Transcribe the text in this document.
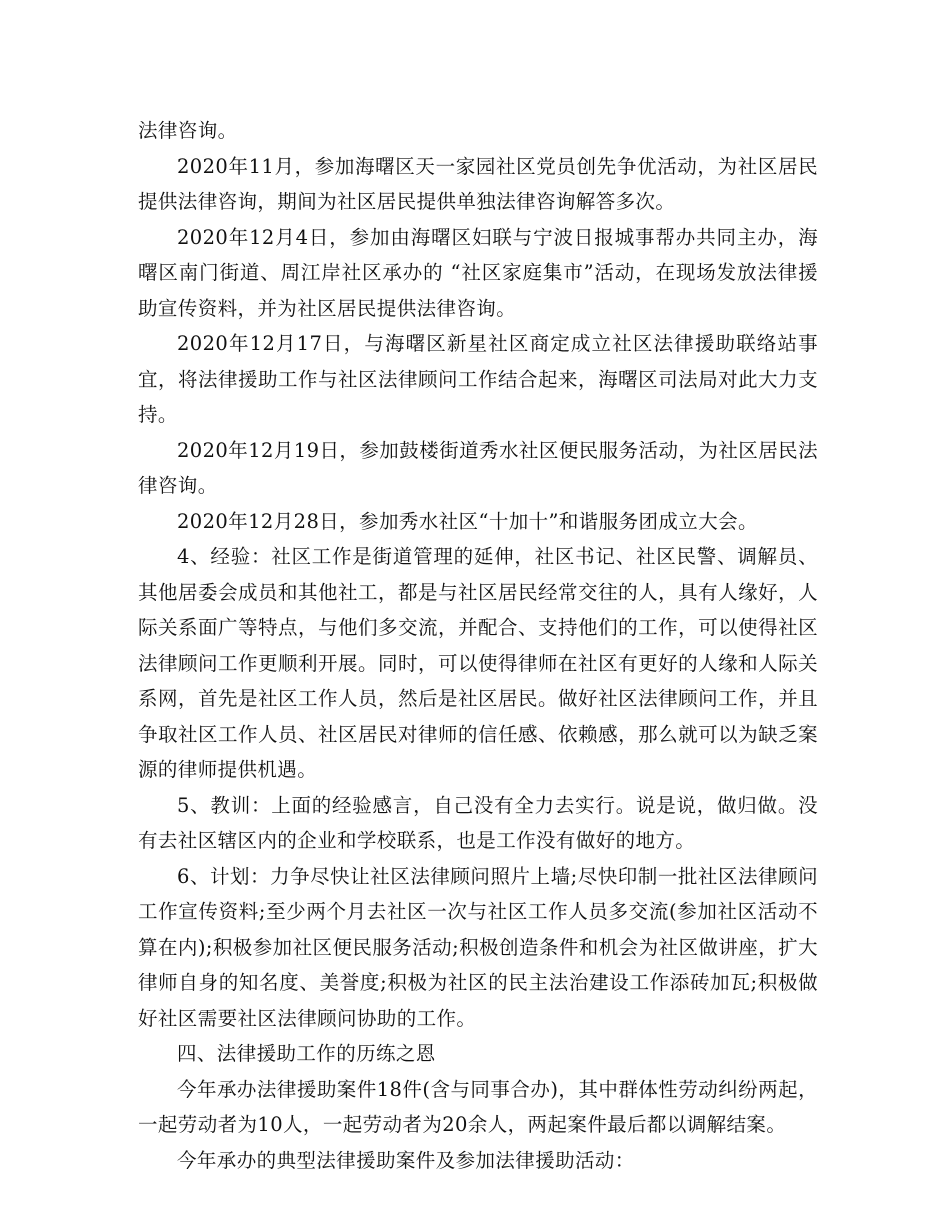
法律咨询。

2020年11月，参加海曙区天一家园社区党员创先争优活动，为社区居民提供法律咨询，期间为社区居民提供单独法律咨询解答多次。

2020年12月4日，参加由海曙区妇联与宁波日报城事帮办共同主办，海曙区南门街道、周江岸社区承办的 “社区家庭集市”活动，在现场发放法律援助宣传资料，并为社区居民提供法律咨询。

2020年12月17日，与海曙区新星社区商定成立社区法律援助联络站事宜，将法律援助工作与社区法律顾问工作结合起来，海曙区司法局对此大力支持。

2020年12月19日，参加鼓楼街道秀水社区便民服务活动，为社区居民法律咨询。

2020年12月28日，参加秀水社区“十加十”和谐服务团成立大会。

4、经验：社区工作是街道管理的延伸，社区书记、社区民警、调解员、其他居委会成员和其他社工，都是与社区居民经常交往的人，具有人缘好，人际关系面广等特点，与他们多交流，并配合、支持他们的工作，可以使得社区法律顾问工作更顺利开展。同时，可以使得律师在社区有更好的人缘和人际关系网，首先是社区工作人员，然后是社区居民。做好社区法律顾问工作，并且争取社区工作人员、社区居民对律师的信任感、依赖感，那么就可以为缺乏案源的律师提供机遇。

5、教训：上面的经验感言，自己没有全力去实行。说是说，做归做。没有去社区辖区内的企业和学校联系，也是工作没有做好的地方。

6、计划：力争尽快让社区法律顾问照片上墙;尽快印制一批社区法律顾问工作宣传资料;至少两个月去社区一次与社区工作人员多交流(参加社区活动不算在内);积极参加社区便民服务活动;积极创造条件和机会为社区做讲座，扩大律师自身的知名度、美誉度;积极为社区的民主法治建设工作添砖加瓦;积极做好社区需要社区法律顾问协助的工作。

四、法律援助工作的历练之恩

今年承办法律援助案件18件(含与同事合办)，其中群体性劳动纠纷两起，一起劳动者为10人，一起劳动者为20余人，两起案件最后都以调解结案。

今年承办的典型法律援助案件及参加法律援助活动：
